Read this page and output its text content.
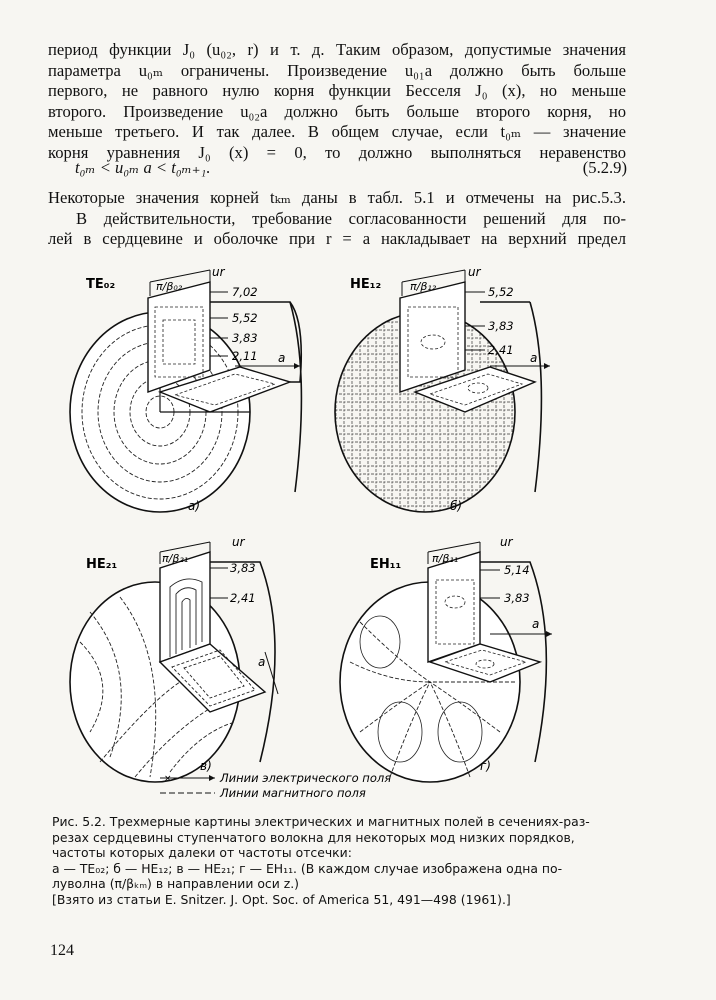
период функции J₀ (u₀₂, r) и т. д. Таким образом, допустимые значения
параметра u₀ₘ ограничены. Произведение u₀₁a должно быть больше
первого, не равного нулю корня функции Бесселя J₀ (x), но меньше
второго. Произведение u₀₂a должно быть больше второго корня, но
меньше третьего. И так далее. В общем случае, если t₀ₘ — значение
корня уравнения J₀ (x) = 0, то должно выполняться неравенство
t₀ₘ < u₀ₘ a < t₀ₘ₊₁.	(5.2.9)
Некоторые значения корней tₖₘ даны в табл. 5.1 и отмечены на рис.5.3.
В действительности, требование согласованности решений для по-
лей в сердцевине и оболочке при r = a накладывает на верхний предел
TE₀₂
ur
π/β₀₂	7,02
5,52
3,83
2,11 a
а)
HE₁₂
ur
π/β₁₂	5,52
3,83
2,41
a
б)
HE₂₁
ur
π/β₂₁
3,83
2,41
a
в)
EH₁₁
ur
π/β₁₁
5,14
3,83
a
г)
×	Линии электрического поля
Линии магнитного поля
Рис. 5.2. Трехмерные картины электрических и магнитных полей в сечениях-раз-
резах сердцевины ступенчатого волокна для некоторых мод низких порядков,
частоты которых далеки от частоты отсечки:
а — TE₀₂; б — HE₁₂; в — HE₂₁; г — EH₁₁. (В каждом случае изображена одна по-
луволна (π/βₖₘ) в направлении оси z.)
[Взято из статьи E. Snitzer. J. Opt. Soc. of America 51, 491—498 (1961).]
124
